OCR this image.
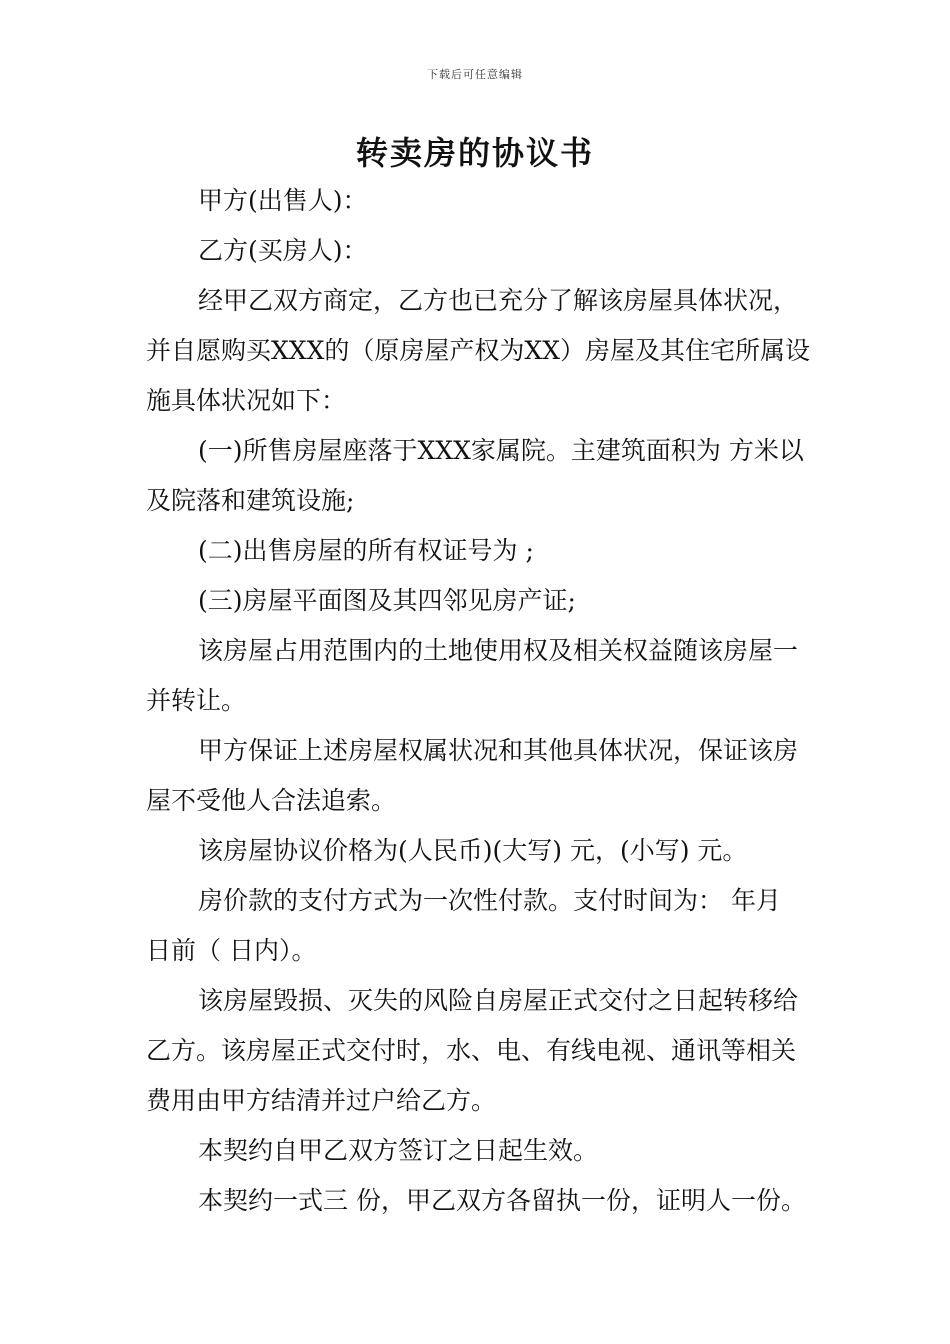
下载后可任意编辑
转卖房的协议书

甲方(出售人)：

乙方(买房人)：

经甲乙双方商定，乙方也已充分了解该房屋具体状况，并自愿购买XXX的（原房屋产权为XX）房屋及其住宅所属设施具体状况如下：

(一)所售房屋座落于XXX家属院。主建筑面积为 方米以及院落和建筑设施;

(二)出售房屋的所有权证号为 ;

(三)房屋平面图及其四邻见房产证;

该房屋占用范围内的土地使用权及相关权益随该房屋一并转让。

甲方保证上述房屋权属状况和其他具体状况，保证该房屋不受他人合法追索。

该房屋协议价格为(人民币)(大写) 元，(小写) 元。

房价款的支付方式为一次性付款。支付时间为： 年月 日前（ 日内）。

该房屋毁损、灭失的风险自房屋正式交付之日起转移给乙方。该房屋正式交付时，水、电、有线电视、通讯等相关费用由甲方结清并过户给乙方。

本契约自甲乙双方签订之日起生效。

本契约一式三 份，甲乙双方各留执一份，证明人一份。
